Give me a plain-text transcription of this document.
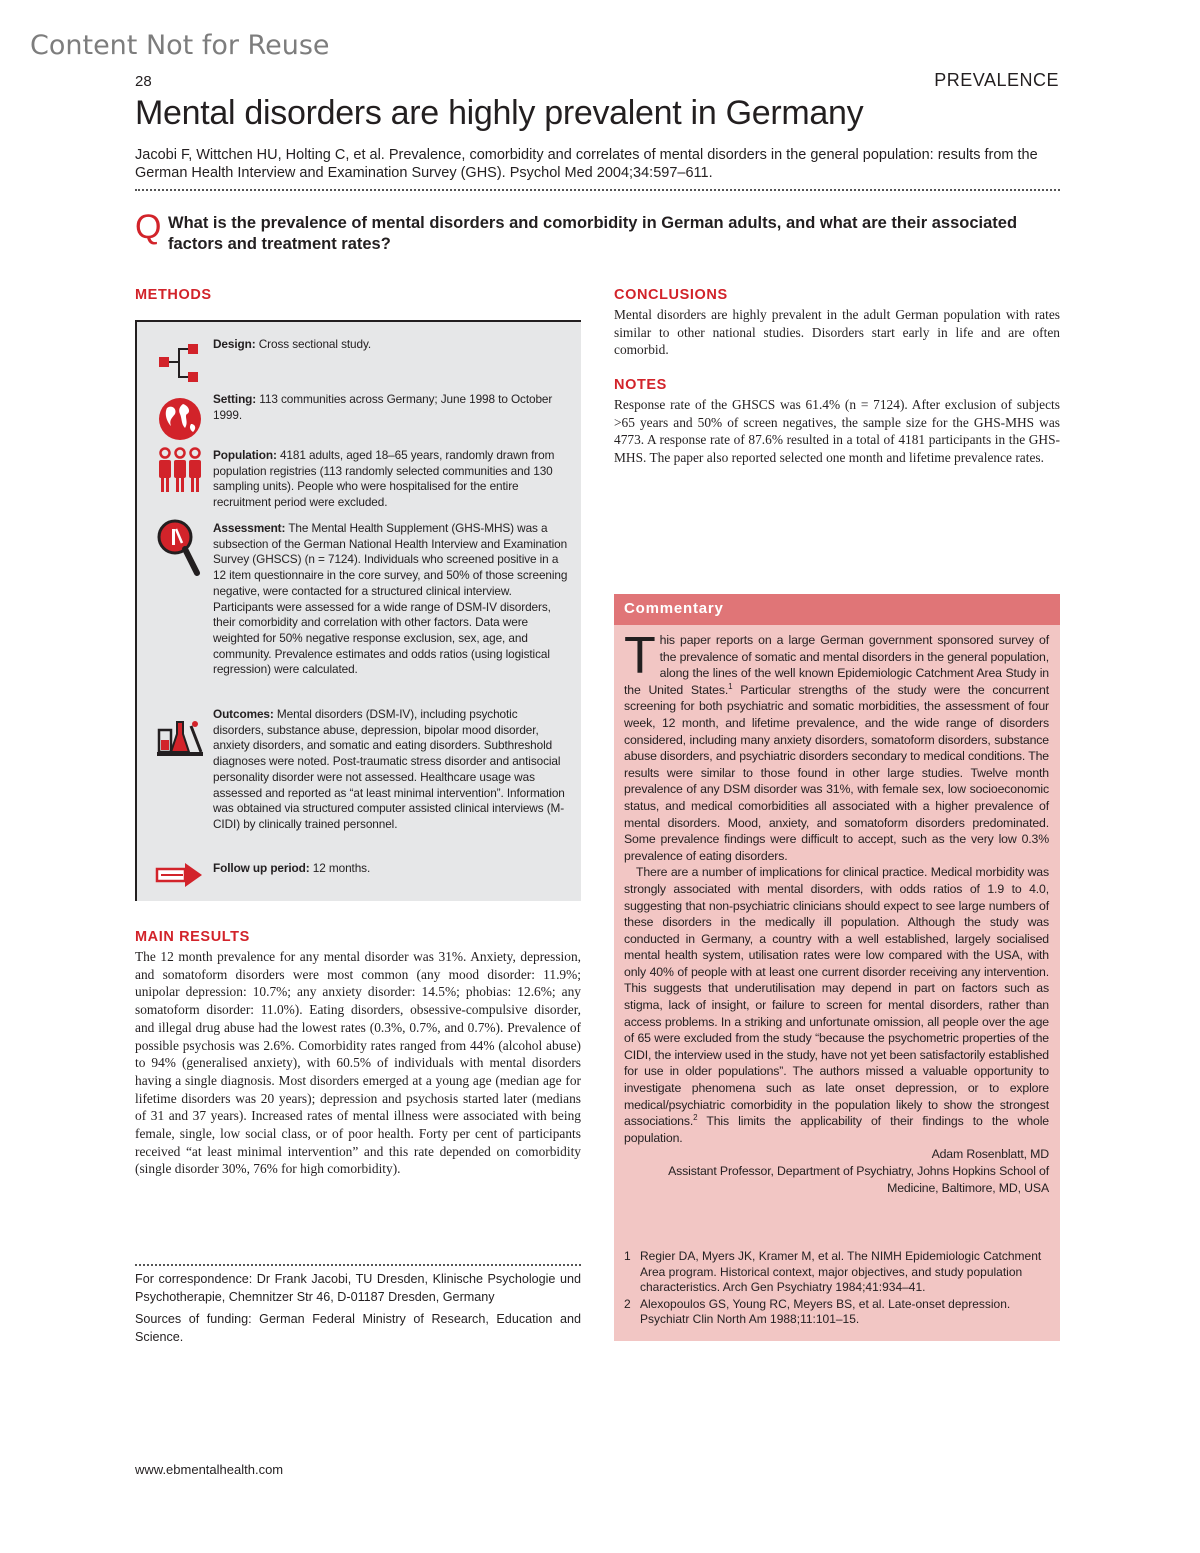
Content Not for Reuse
28	PREVALENCE
Mental disorders are highly prevalent in Germany
Jacobi F, Wittchen HU, Holting C, et al. Prevalence, comorbidity and correlates of mental disorders in the general population: results from the German Health Interview and Examination Survey (GHS). Psychol Med 2004;34:597–611.
Q What is the prevalence of mental disorders and comorbidity in German adults, and what are their associated factors and treatment rates?
METHODS
Design: Cross sectional study.
Setting: 113 communities across Germany; June 1998 to October 1999.
Population: 4181 adults, aged 18–65 years, randomly drawn from population registries (113 randomly selected communities and 130 sampling units). People who were hospitalised for the entire recruitment period were excluded.
Assessment: The Mental Health Supplement (GHS-MHS) was a subsection of the German National Health Interview and Examination Survey (GHSCS) (n = 7124). Individuals who screened positive in a 12 item questionnaire in the core survey, and 50% of those screening negative, were contacted for a structured clinical interview. Participants were assessed for a wide range of DSM-IV disorders, their comorbidity and correlation with other factors. Data were weighted for 50% negative response exclusion, sex, age, and community. Prevalence estimates and odds ratios (using logistical regression) were calculated.
Outcomes: Mental disorders (DSM-IV), including psychotic disorders, substance abuse, depression, bipolar mood disorder, anxiety disorders, and somatic and eating disorders. Subthreshold diagnoses were noted. Post-traumatic stress disorder and antisocial personality disorder were not assessed. Healthcare usage was assessed and reported as “at least minimal intervention”. Information was obtained via structured computer assisted clinical interviews (M-CIDI) by clinically trained personnel.
Follow up period: 12 months.
MAIN RESULTS
The 12 month prevalence for any mental disorder was 31%. Anxiety, depression, and somatoform disorders were most common (any mood disorder: 11.9%; unipolar depression: 10.7%; any anxiety disorder: 14.5%; phobias: 12.6%; any somatoform disorder: 11.0%). Eating disorders, obsessive-compulsive disorder, and illegal drug abuse had the lowest rates (0.3%, 0.7%, and 0.7%). Prevalence of possible psychosis was 2.6%. Comorbidity rates ranged from 44% (alcohol abuse) to 94% (generalised anxiety), with 60.5% of individuals with mental disorders having a single diagnosis. Most disorders emerged at a young age (median age for lifetime disorders was 20 years); depression and psychosis started later (medians of 31 and 37 years). Increased rates of mental illness were associated with being female, single, low social class, or of poor health. Forty per cent of participants received “at least minimal intervention” and this rate depended on comorbidity (single disorder 30%, 76% for high comorbidity).
For correspondence: Dr Frank Jacobi, TU Dresden, Klinische Psychologie und Psychotherapie, Chemnitzer Str 46, D-01187 Dresden, Germany
Sources of funding: German Federal Ministry of Research, Education and Science.
www.ebmentalhealth.com
CONCLUSIONS
Mental disorders are highly prevalent in the adult German population with rates similar to other national studies. Disorders start early in life and are often comorbid.
NOTES
Response rate of the GHSCS was 61.4% (n = 7124). After exclusion of subjects >65 years and 50% of screen negatives, the sample size for the GHS-MHS was 4773. A response rate of 87.6% resulted in a total of 4181 participants in the GHS-MHS. The paper also reported selected one month and lifetime prevalence rates.
Commentary

This paper reports on a large German government sponsored survey of the prevalence of somatic and mental disorders in the general population, along the lines of the well known Epidemiologic Catchment Area Study in the United States.$^1$ Particular strengths of the study were the concurrent screening for both psychiatric and somatic morbidities, the assessment of four week, 12 month, and lifetime prevalence, and the wide range of disorders considered, including many anxiety disorders, somatoform disorders, substance abuse disorders, and psychiatric disorders secondary to medical conditions. The results were similar to those found in other large studies. Twelve month prevalence of any DSM disorder was 31%, with female sex, low socioeconomic status, and medical comorbidities all associated with a higher prevalence of mental disorders. Mood, anxiety, and somatoform disorders predominated. Some prevalence findings were difficult to accept, such as the very low 0.3% prevalence of eating disorders.

There are a number of implications for clinical practice. Medical morbidity was strongly associated with mental disorders, with odds ratios of 1.9 to 4.0, suggesting that non-psychiatric clinicians should expect to see large numbers of these disorders in the medically ill population. Although the study was conducted in Germany, a country with a well established, largely socialised mental health system, utilisation rates were low compared with the USA, with only 40% of people with at least one current disorder receiving any intervention. This suggests that underutilisation may depend in part on factors such as stigma, lack of insight, or failure to screen for mental disorders, rather than access problems. In a striking and unfortunate omission, all people over the age of 65 were excluded from the study “because the psychometric properties of the CIDI, the interview used in the study, have not yet been satisfactorily established for use in older populations”. The authors missed a valuable opportunity to investigate phenomena such as late onset depression, or to explore medical/psychiatric comorbidity in the population likely to show the strongest associations.$^2$ This limits the applicability of their findings to the whole population.

Adam Rosenblatt, MD
Assistant Professor, Department of Psychiatry, Johns Hopkins School of Medicine, Baltimore, MD, USA
1 Regier DA, Myers JK, Kramer M, et al. The NIMH Epidemiologic Catchment Area program. Historical context, major objectives, and study population characteristics. Arch Gen Psychiatry 1984;41:934–41.
2 Alexopoulos GS, Young RC, Meyers BS, et al. Late-onset depression. Psychiatr Clin North Am 1988;11:101–15.
